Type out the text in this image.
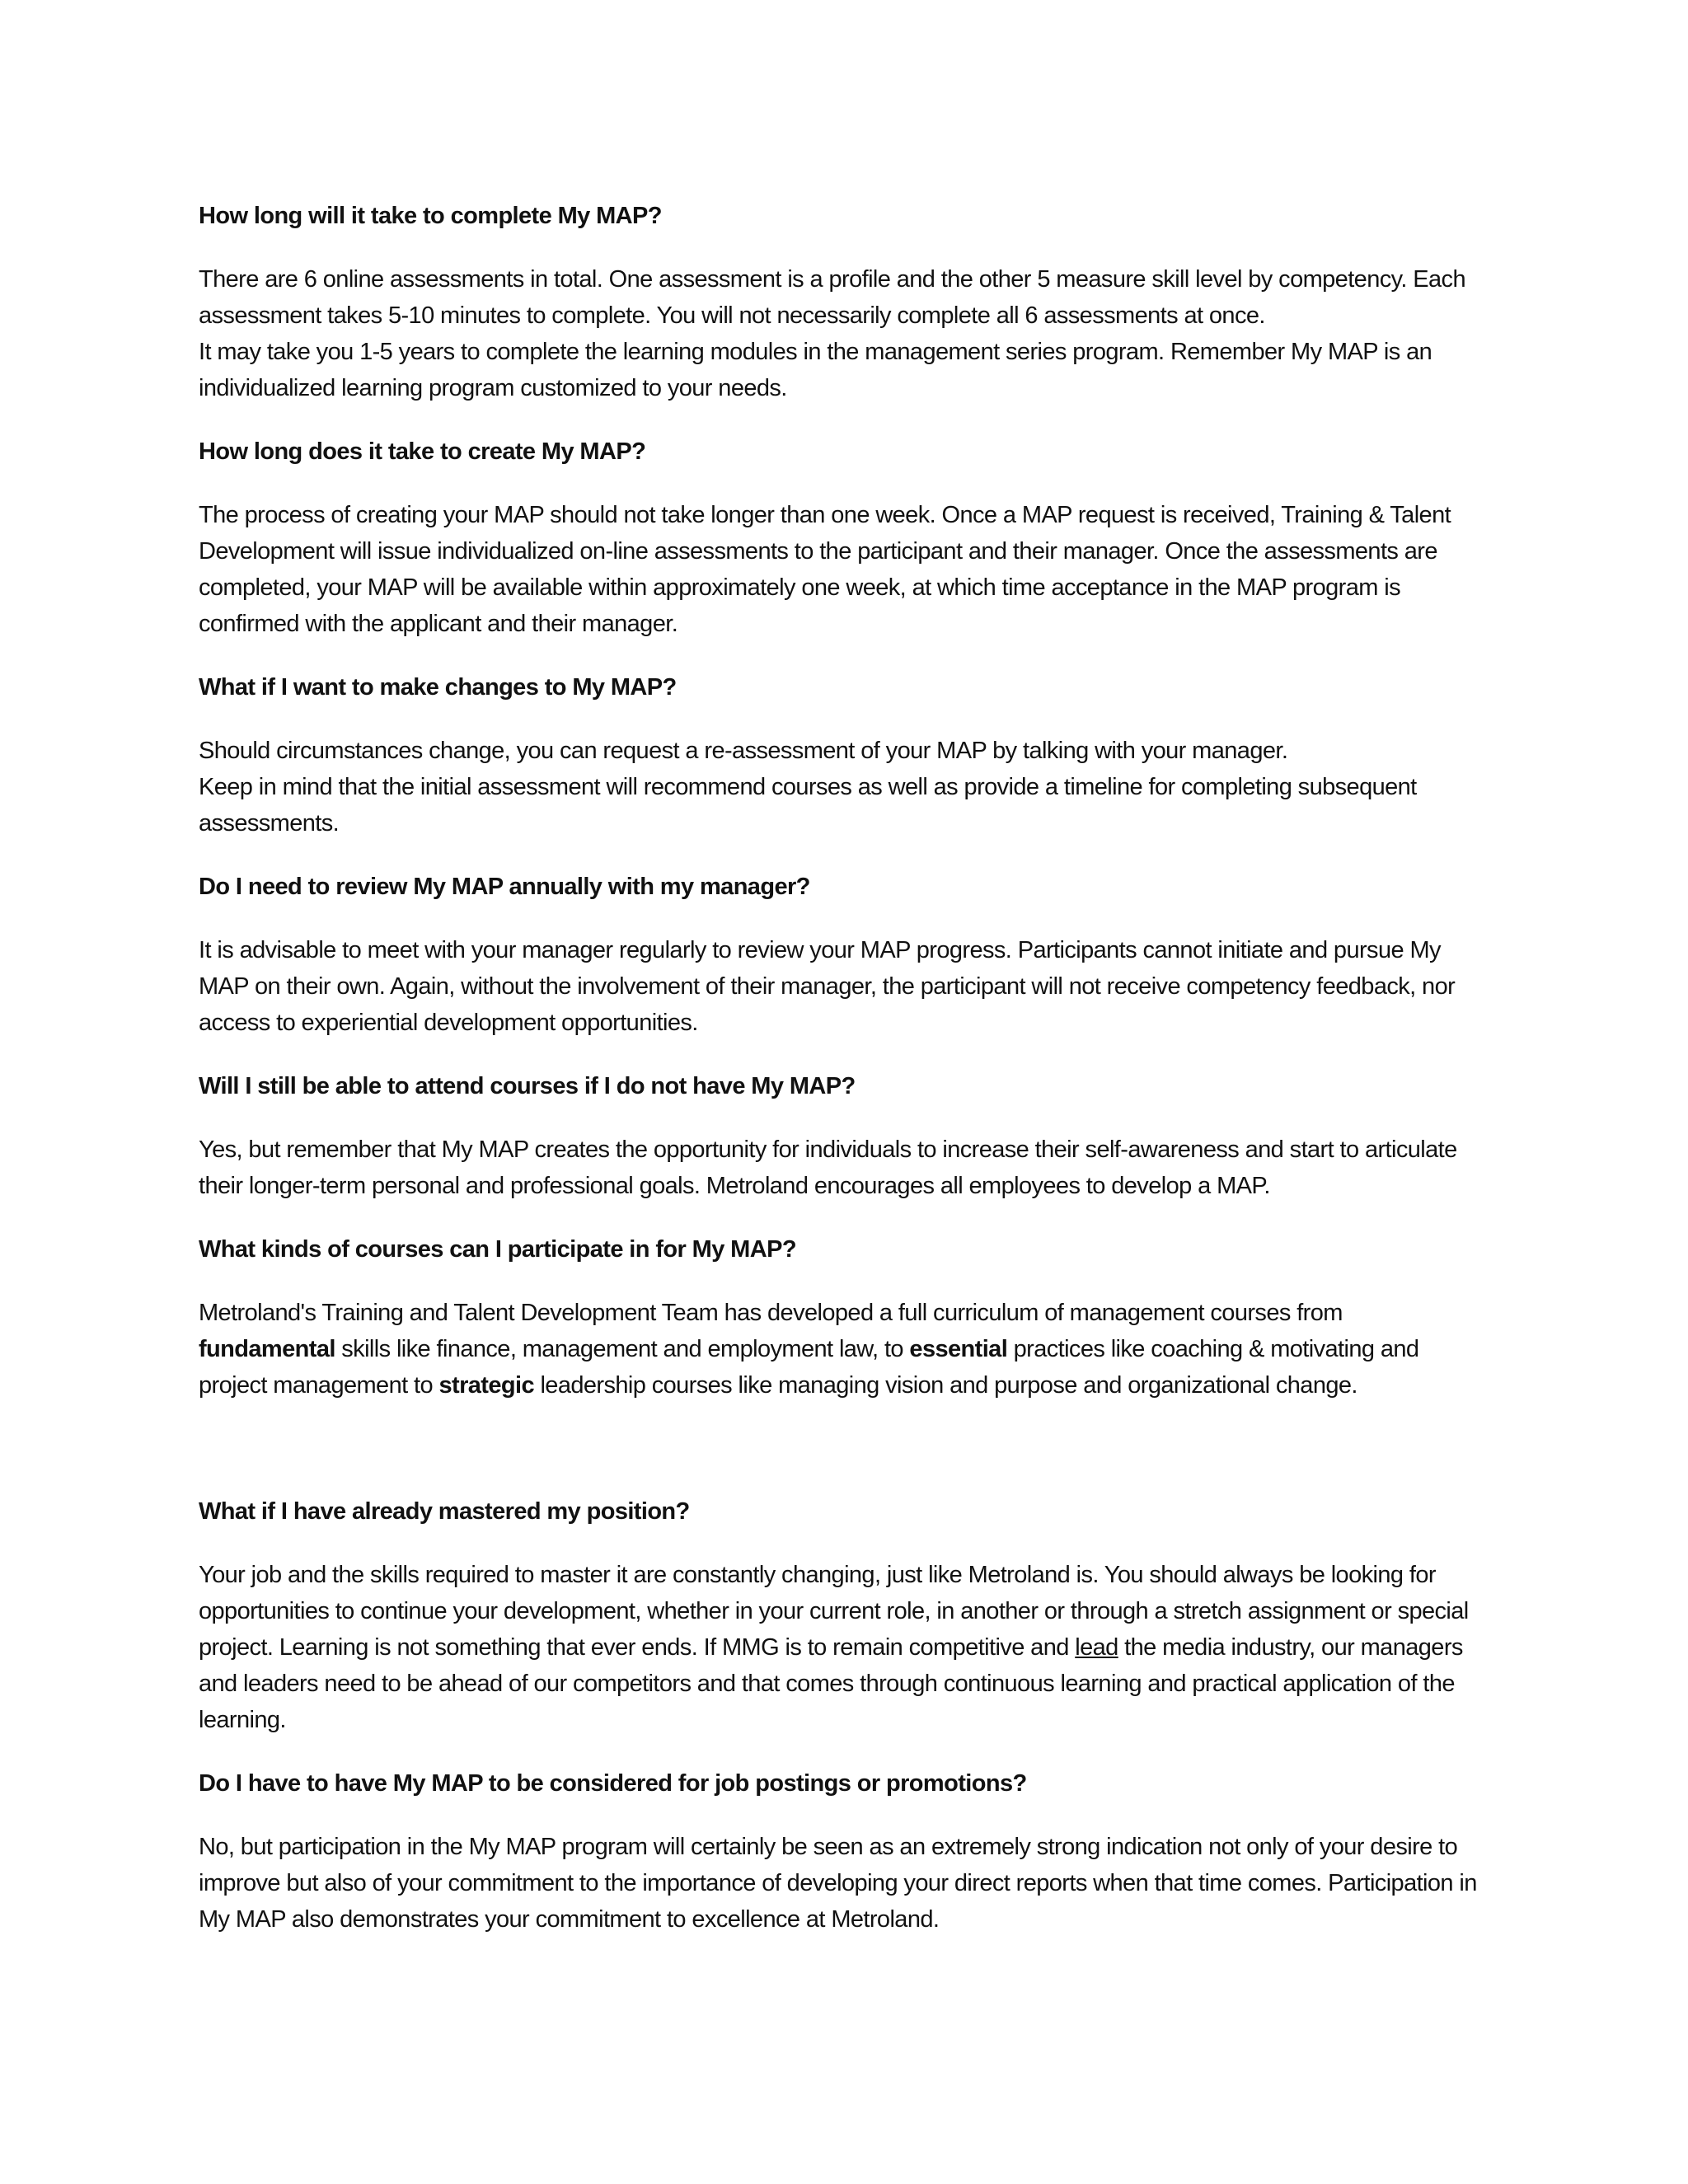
How long will it take to complete My MAP?

There are 6 online assessments in total. One assessment is a profile and the other 5 measure skill level by competency. Each assessment takes 5-10 minutes to complete. You will not necessarily complete all 6 assessments at once.
It may take you 1-5 years to complete the learning modules in the management series program. Remember My MAP is an individualized learning program customized to your needs.

How long does it take to create My MAP?

The process of creating your MAP should not take longer than one week. Once a MAP request is received, Training & Talent Development will issue individualized on-line assessments to the participant and their manager. Once the assessments are completed, your MAP will be available within approximately one week, at which time acceptance in the MAP program is confirmed with the applicant and their manager.

What if I want to make changes to My MAP?

Should circumstances change, you can request a re-assessment of your MAP by talking with your manager.
Keep in mind that the initial assessment will recommend courses as well as provide a timeline for completing subsequent assessments.

Do I need to review My MAP annually with my manager?

It is advisable to meet with your manager regularly to review your MAP progress. Participants cannot initiate and pursue My MAP on their own. Again, without the involvement of their manager, the participant will not receive competency feedback, nor access to experiential development opportunities.

Will I still be able to attend courses if I do not have My MAP?

Yes, but remember that My MAP creates the opportunity for individuals to increase their self-awareness and start to articulate their longer-term personal and professional goals. Metroland encourages all employees to develop a MAP.

What kinds of courses can I participate in for My MAP?

Metroland's Training and Talent Development Team has developed a full curriculum of management courses from fundamental skills like finance, management and employment law, to essential practices like coaching & motivating and project management to strategic leadership courses like managing vision and purpose and organizational change.

What if I have already mastered my position?

Your job and the skills required to master it are constantly changing, just like Metroland is. You should always be looking for opportunities to continue your development, whether in your current role, in another or through a stretch assignment or special project. Learning is not something that ever ends. If MMG is to remain competitive and lead the media industry, our managers and leaders need to be ahead of our competitors and that comes through continuous learning and practical application of the learning.

Do I have to have My MAP to be considered for job postings or promotions?

No, but participation in the My MAP program will certainly be seen as an extremely strong indication not only of your desire to improve but also of your commitment to the importance of developing your direct reports when that time comes. Participation in My MAP also demonstrates your commitment to excellence at Metroland.
